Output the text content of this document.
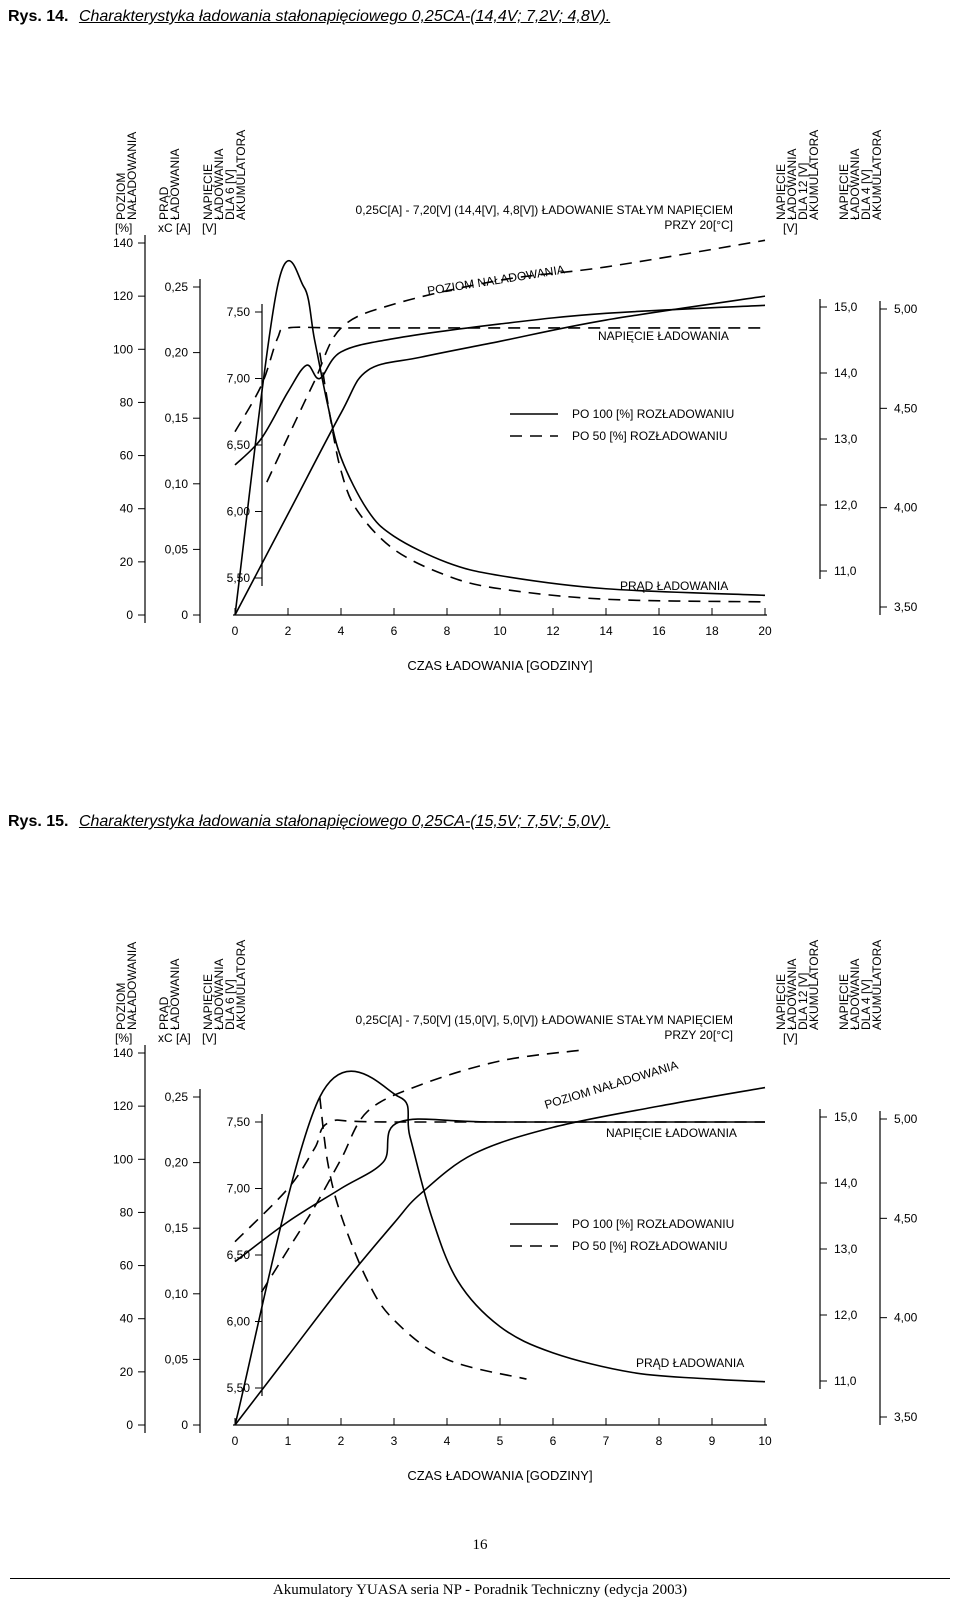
Rys. 14. Charakterystyka ładowania stałonapięciowego 0,25CA-(14,4V; 7,2V; 4,8V).
0
20
40
60
80
100
120
140
POZIOM
NAŁADOWANIA
[%]
0
0,05
0,10
0,15
0,20
0,25
PRĄD
ŁADOWANIA
xC [A]
5,50
6,00
6,50
7,00
7,50
NAPIĘCIE
ŁADOWANIA
DLA 6 [V]
AKUMULATORA
[V]
11,0
12,0
13,0
14,0
15,0
NAPIĘCIE
ŁADOWANIA
DLA 12 [V]
AKUMULATORA
[V]
3,50
4,00
4,50
5,00
NAPIĘCIE
ŁADOWANIA
DLA 4 [V]
AKUMULATORA
0	2	4	6	8	10	12	14	16	18	20
CZAS ŁADOWANIA [GODZINY]
0,25C[A] - 7,20[V] (14,4[V], 4,8[V]) ŁADOWANIE STAŁYM NAPIĘCIEM
PRZY 20[°C]
POZIOM NAŁADOWANIA
NAPIĘCIE ŁADOWANIA
PRĄD ŁADOWANIA
PO 100 [%] ROZŁADOWANIU
PO 50 [%] ROZŁADOWANIU
Rys. 15. Charakterystyka ładowania stałonapięciowego 0,25CA-(15,5V; 7,5V; 5,0V).
0
20
40
60
80
100
120
140
POZIOM
NAŁADOWANIA
[%]
0
0,05
0,10
0,15
0,20
0,25
PRĄD
ŁADOWANIA
xC [A]
5,50
6,00
6,50
7,00
7,50
NAPIĘCIE
ŁADOWANIA
DLA 6 [V]
AKUMULATORA
[V]
11,0
12,0
13,0
14,0
15,0
NAPIĘCIE
ŁADOWANIA
DLA 12 [V]
AKUMULATORA
[V]
3,50
4,00
4,50
5,00
NAPIĘCIE
ŁADOWANIA
DLA 4 [V]
AKUMULATORA
0	1	2	3	4	5	6	7	8	9	10
CZAS ŁADOWANIA [GODZINY]
0,25C[A] - 7,50[V] (15,0[V], 5,0[V]) ŁADOWANIE STAŁYM NAPIĘCIEM
PRZY 20[°C]
POZIOM NAŁADOWANIA
NAPIĘCIE ŁADOWANIA
PRĄD ŁADOWANIA
PO 100 [%] ROZŁADOWANIU
PO 50 [%] ROZŁADOWANIU
16
Akumulatory YUASA seria NP - Poradnik Techniczny (edycja 2003)
